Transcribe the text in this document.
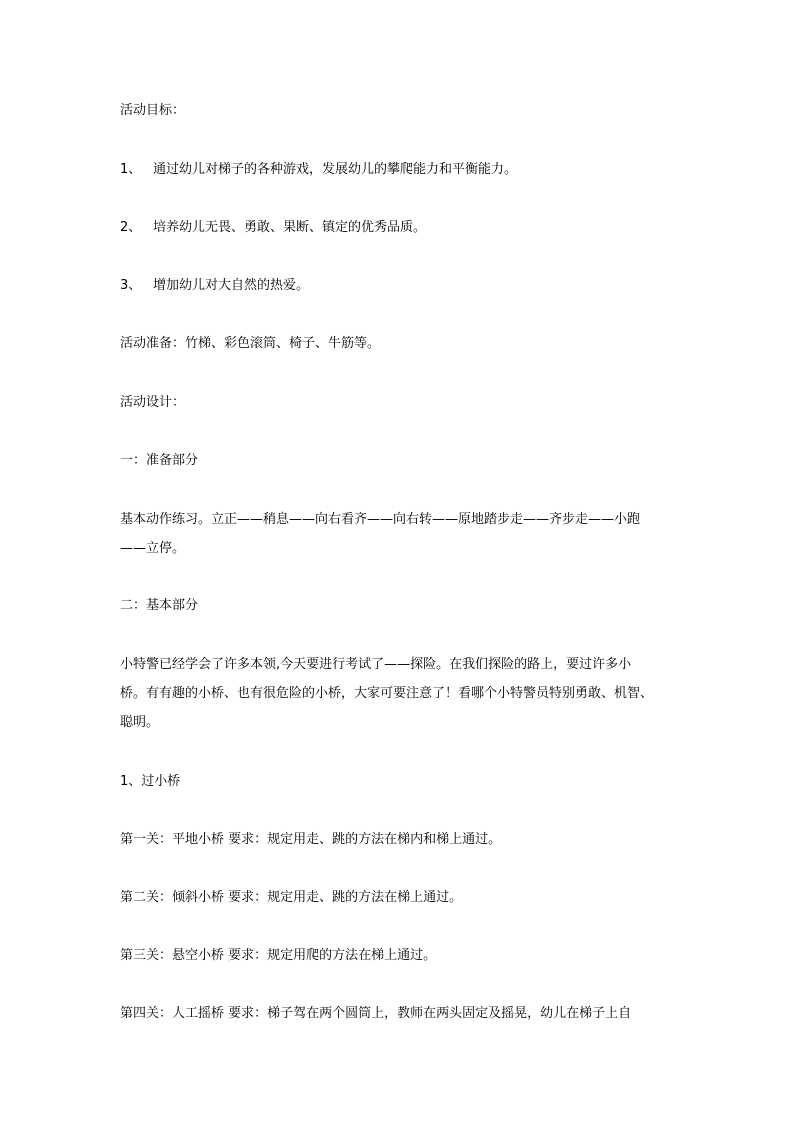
活动目标：
1、 通过幼儿对梯子的各种游戏，发展幼儿的攀爬能力和平衡能力。
2、 培养幼儿无畏、勇敢、果断、镇定的优秀品质。
3、 增加幼儿对大自然的热爱。
活动准备：竹梯、彩色滚筒、椅子、牛筋等。
活动设计：
一：准备部分
基本动作练习。立正——稍息——向右看齐——向右转——原地踏步走——齐步走——小跑
——立停。
二：基本部分
小特警已经学会了许多本领,今天要进行考试了——探险。在我们探险的路上，要过许多小
桥。有有趣的小桥、也有很危险的小桥，大家可要注意了！看哪个小特警员特别勇敢、机智、
聪明。
1、过小桥
第一关：平地小桥 要求：规定用走、跳的方法在梯内和梯上通过。
第二关：倾斜小桥 要求：规定用走、跳的方法在梯上通过。
第三关：悬空小桥 要求：规定用爬的方法在梯上通过。
第四关：人工摇桥 要求：梯子驾在两个圆筒上，教师在两头固定及摇晃，幼儿在梯子上自
